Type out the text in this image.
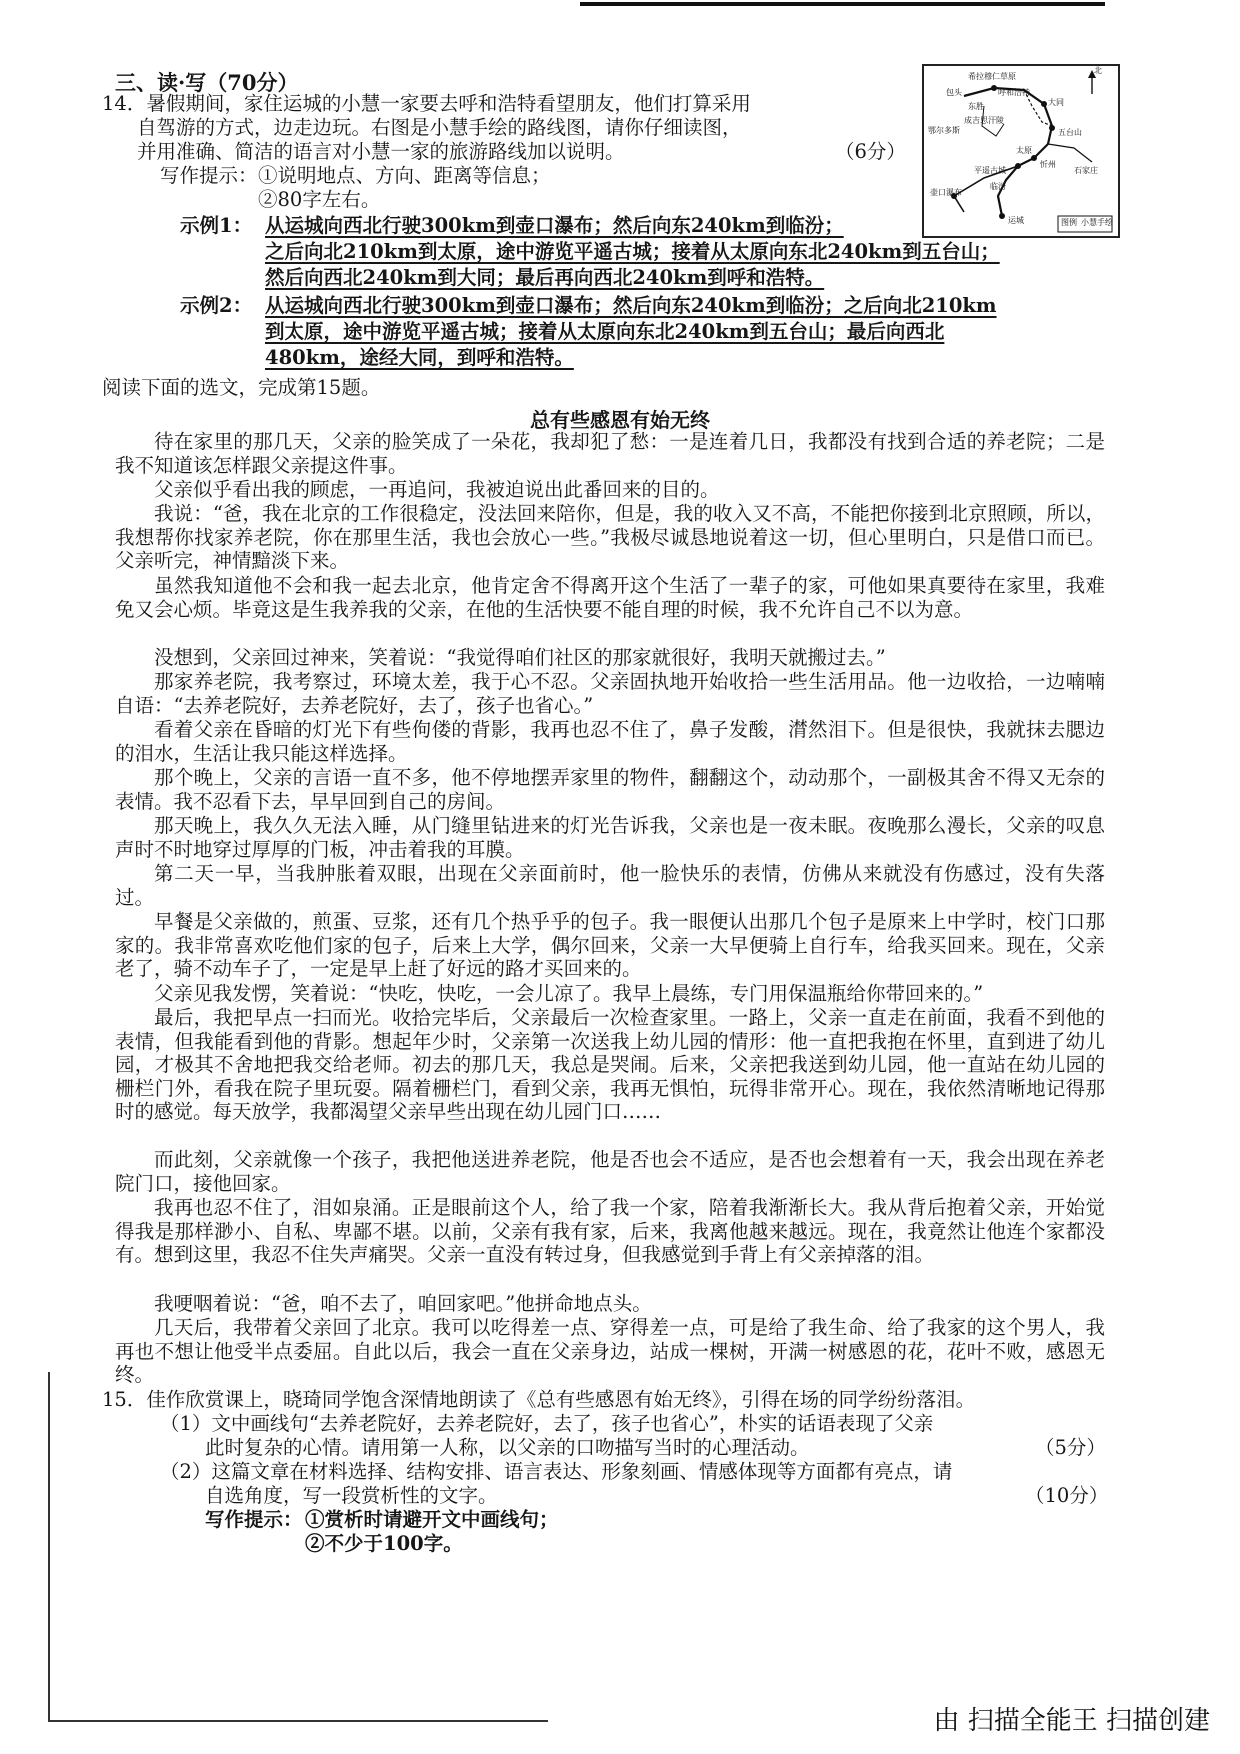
三、读·写（70分）
14．暑假期间，家住运城的小慧一家要去呼和浩特看望朋友，他们打算采用
自驾游的方式，边走边玩。右图是小慧手绘的路线图，请你仔细读图，
并用准确、简洁的语言对小慧一家的旅游路线加以说明。	（6分）
写作提示： ①说明地点、方向、距离等信息；
②80字左右。
示例1： 从运城向西北行驶300km到壶口瀑布；然后向东240km到临汾；
之后向北210km到太原，途中游览平遥古城；接着从太原向东北240km到五台山；
然后向西北240km到大同；最后再向西北240km到呼和浩特。
示例2： 从运城向西北行驶300km到壶口瀑布；然后向东240km到临汾；之后向北210km
到太原，途中游览平遥古城；接着从太原向东北240km到五台山；最后向西北
480km，途经大同，到呼和浩特。
北
希拉穆仁草原
包头	呼和浩特
东胜
成吉思汗陵
鄂尔多斯
大同
五台山
太原
忻州
平遥古城
壶口瀑布
临汾
运城
石家庄
图例 小慧手绘
阅读下面的选文，完成第15题。
总有些感恩有始无终
待在家里的那几天，父亲的脸笑成了一朵花，我却犯了愁：一是连着几日，我都没有找到合适的养老院；二是我不知道该怎样跟父亲提这件事。
父亲似乎看出我的顾虑，一再追问，我被迫说出此番回来的目的。
我说：“爸，我在北京的工作很稳定，没法回来陪你，但是，我的收入又不高，不能把你接到北京照顾，所以，我想帮你找家养老院，你在那里生活，我也会放心一些。”我极尽诚恳地说着这一切，但心里明白，只是借口而已。父亲听完，神情黯淡下来。
虽然我知道他不会和我一起去北京，他肯定舍不得离开这个生活了一辈子的家，可他如果真要待在家里，我难免又会心烦。毕竟这是生我养我的父亲，在他的生活快要不能自理的时候，我不允许自己不以为意。
没想到，父亲回过神来，笑着说：“我觉得咱们社区的那家就很好，我明天就搬过去。”
那家养老院，我考察过，环境太差，我于心不忍。父亲固执地开始收拾一些生活用品。他一边收拾，一边喃喃自语：“去养老院好，去养老院好，去了，孩子也省心。”
看着父亲在昏暗的灯光下有些佝偻的背影，我再也忍不住了，鼻子发酸，潸然泪下。但是很快，我就抹去腮边的泪水，生活让我只能这样选择。
那个晚上，父亲的言语一直不多，他不停地摆弄家里的物件，翻翻这个，动动那个，一副极其舍不得又无奈的表情。我不忍看下去，早早回到自己的房间。
那天晚上，我久久无法入睡，从门缝里钻进来的灯光告诉我，父亲也是一夜未眠。夜晚那么漫长，父亲的叹息声时不时地穿过厚厚的门板，冲击着我的耳膜。
第二天一早，当我肿胀着双眼，出现在父亲面前时，他一脸快乐的表情，仿佛从来就没有伤感过，没有失落过。
早餐是父亲做的，煎蛋、豆浆，还有几个热乎乎的包子。我一眼便认出那几个包子是原来上中学时，校门口那家的。我非常喜欢吃他们家的包子，后来上大学，偶尔回来，父亲一大早便骑上自行车，给我买回来。现在，父亲老了，骑不动车子了，一定是早上赶了好远的路才买回来的。
父亲见我发愣，笑着说：“快吃，快吃，一会儿凉了。我早上晨练，专门用保温瓶给你带回来的。”
最后，我把早点一扫而光。收拾完毕后，父亲最后一次检查家里。一路上，父亲一直走在前面，我看不到他的表情，但我能看到他的背影。想起年少时，父亲第一次送我上幼儿园的情形：他一直把我抱在怀里，直到进了幼儿园，才极其不舍地把我交给老师。初去的那几天，我总是哭闹。后来，父亲把我送到幼儿园，他一直站在幼儿园的栅栏门外，看我在院子里玩耍。隔着栅栏门，看到父亲，我再无惧怕，玩得非常开心。现在，我依然清晰地记得那时的感觉。每天放学，我都渴望父亲早些出现在幼儿园门口……
而此刻，父亲就像一个孩子，我把他送进养老院，他是否也会不适应，是否也会想着有一天，我会出现在养老院门口，接他回家。
我再也忍不住了，泪如泉涌。正是眼前这个人，给了我一个家，陪着我渐渐长大。我从背后抱着父亲，开始觉得我是那样渺小、自私、卑鄙不堪。以前，父亲有我有家，后来，我离他越来越远。现在，我竟然让他连个家都没有。想到这里，我忍不住失声痛哭。父亲一直没有转过身，但我感觉到手背上有父亲掉落的泪。
我哽咽着说：“爸，咱不去了，咱回家吧。”他拼命地点头。
几天后，我带着父亲回了北京。我可以吃得差一点、穿得差一点，可是给了我生命、给了我家的这个男人，我再也不想让他受半点委屈。自此以后，我会一直在父亲身边，站成一棵树，开满一树感恩的花，花叶不败，感恩无终。
15．佳作欣赏课上，晓琦同学饱含深情地朗读了《总有些感恩有始无终》，引得在场的同学纷纷落泪。
（1）文中画线句“去养老院好，去养老院好，去了，孩子也省心”，朴实的话语表现了父亲
此时复杂的心情。请用第一人称，以父亲的口吻描写当时的心理活动。	（5分）
（2）这篇文章在材料选择、结构安排、语言表达、形象刻画、情感体现等方面都有亮点，请
自选角度，写一段赏析性的文字。	（10分）
写作提示： ①赏析时请避开文中画线句；
②不少于100字。
由 扫描全能王 扫描创建
